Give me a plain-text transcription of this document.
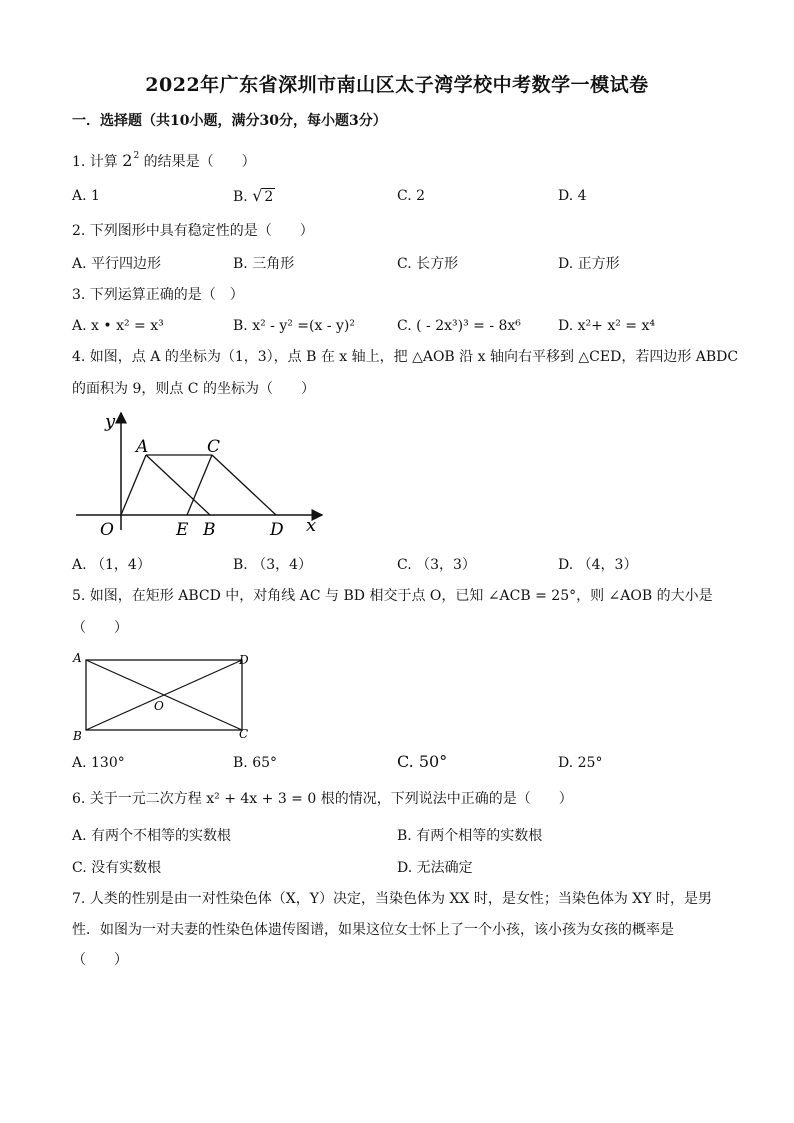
2022年广东省深圳市南山区太子湾学校中考数学一模试卷
一．选择题（共10小题，满分30分，每小题3分）
1. 计算 $2^2$ 的结果是（　　）
A. 1	B. √ 2	C. 2	D. 4
2. 下列图形中具有稳定性的是（　　）
A. 平行四边形	B. 三角形	C. 长方形	D. 正方形
3. 下列运算正确的是（　）
A. x • x² = x³	B. x² - y² =(x - y)²	C. ( - 2x³)³ = - 8x⁶	D. x²+ x² = x⁴
4. 如图，点 A 的坐标为（1，3），点 B 在 x 轴上，把 △AOB 沿 x 轴向右平移到 △CED，若四边形 ABDC
的面积为 9，则点 C 的坐标为（　　）
y
A	C
O	E B	D x
A. （1，4）	B. （3，4）	C. （3，3）	D. （4，3）
5. 如图，在矩形 ABCD 中，对角线 AC 与 BD 相交于点 O，已知 ∠ACB = 25°，则 ∠AOB 的大小是
（　　）
A	D
O
B	C
A. 130°	B. 65°	C. 50°	D. 25°
6. 关于一元二次方程 x² + 4x + 3 = 0 根的情况，下列说法中正确的是（　　）
A. 有两个不相等的实数根	B. 有两个相等的实数根
C. 没有实数根	D. 无法确定
7. 人类的性别是由一对性染色体（X，Y）决定，当染色体为 XX 时，是女性；当染色体为 XY 时，是男
性．如图为一对夫妻的性染色体遗传图谱，如果这位女士怀上了一个小孩，该小孩为女孩的概率是
（　　）
